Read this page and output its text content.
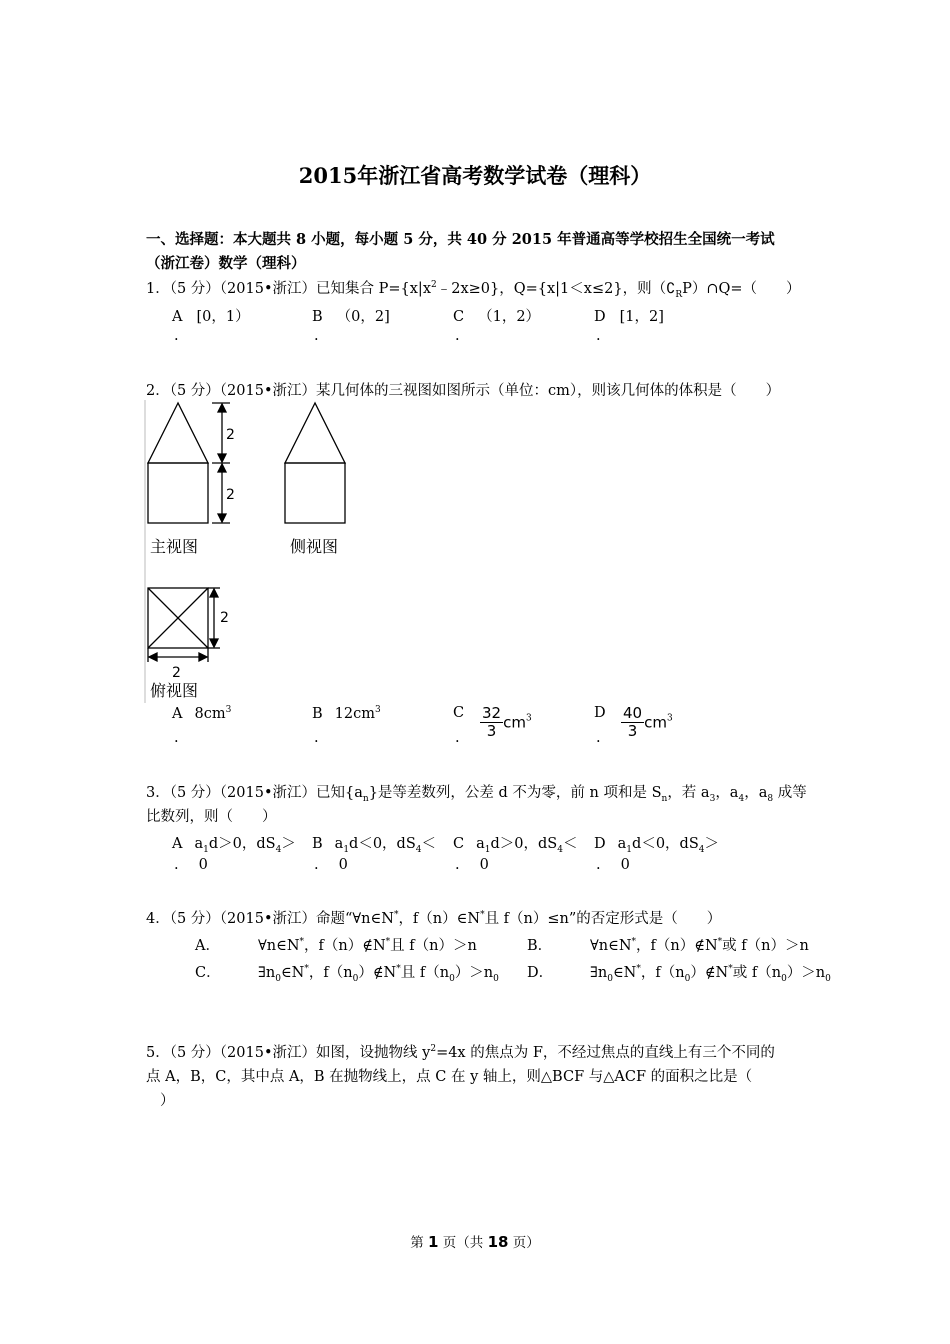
2015年浙江省高考数学试卷（理科）
一、选择题：本大题共 8 小题，每小题 5 分，共 40 分 2015 年普通高等学校招生全国统一考试
（浙江卷）数学（理科）
1．（5 分）（2015•浙江）已知集合 $P=\{x|x^2﹣2x\ge 0\}$，Q={x|1＜x≤2}，则$(∁_RP)\cap Q=$（　　）
A [0，1）	B （0，2]	C （1，2）	D [1，2]
.	.	.	.
2．（5 分）（2015•浙江）某几何体的三视图如图所示（单位：cm），则该几何体的体积是（　　）
2
2
主视图	侧视图
2
2
俯视图
A $8cm^3$	B $12cm^3$	C $\frac{32}{3} cm^3$	D $\frac{40}{3} cm^3$
.	.	.	.
3．（5 分）（2015•浙江）已知$\{a_n\}$是等差数列，公差 d 不为零，前 n 项和是 $S_n$，若 $a_3$，$a_4$，$a_8$ 成等
比数列，则（　　）
A $a_1d>0$，$dS_4> B$ $a_1d<0$，$dS_4< C$ $a_1d>0$，$dS_4< D$ $a_1d<0$，$dS_4>$
. 0	. 0	. 0	. 0
4．（5 分）（2015•浙江）命题“∀n∈N*，f（n）∈N*且 f（n）≤n”的否定形式是（　　）
A．	∀n∈N*，f（n）∉N*且 f（n）＞n	B．	∀n∈N*，f（n）∉N*或 f（n）＞n
C．	$\exists n_0\in N^*$，$f(n_0)\notin N^*$且 $f(n_0)>n_0$ D．	$\exists n_0\in N^*$，$f(n_0)\notin N^*$或 $f(n_0)>n_0$
5．（5 分）（2015•浙江）如图，设抛物线 $y^2=4x$ 的焦点为 F，不经过焦点的直线上有三个不同的
点 A，B，C，其中点 A，B 在抛物线上，点 C 在 y 轴上，则△BCF 与△ACF 的面积之比是（
）
第 1 页（共 18 页）
